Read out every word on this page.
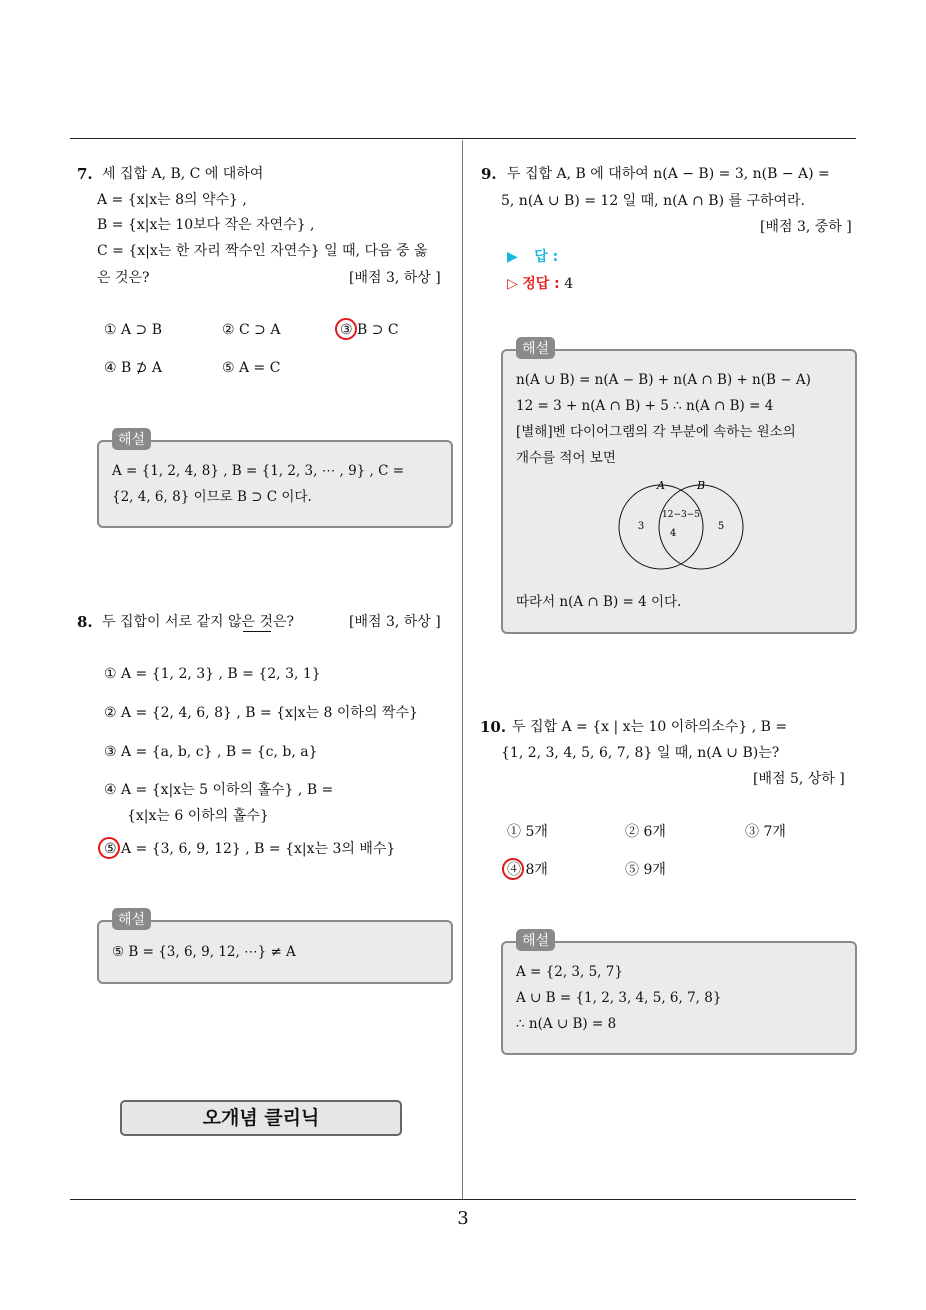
7. 세 집합 A, B, C 에 대하여
A = {x|x는 8의 약수} ,
B = {x|x는 10보다 작은 자연수} ,
C = {x|x는 한 자리 짝수인 자연수} 일 때, 다음 중 옳
은 것은?	[배점 3, 하상 ]
① A ⊃ B	② C ⊃ A	③ B ⊃ C
④ B ⊅ A	⑤ A = C
A = {1, 2, 4, 8} , B = {1, 2, 3, ⋯ , 9} , C =
{2, 4, 6, 8} 이므로 B ⊃ C 이다.
해설
8. 두 집합이 서로 같지 않은 것은?	[배점 3, 하상 ]
① A = {1, 2, 3} , B = {2, 3, 1}
② A = {2, 4, 6, 8} , B = {x|x는 8 이하의 짝수}
③ A = {a, b, c} , B = {c, b, a}
④ A = {x|x는 5 이하의 홀수} , B =
{x|x는 6 이하의 홀수}
⑤ A = {3, 6, 9, 12} , B = {x|x는 3의 배수}
⑤ B = {3, 6, 9, 12, ⋯} ≠ A
해설
오개념 클리닉
9. 두 집합 A, B 에 대하여 n(A − B) = 3, n(B − A) =
5, n(A ∪ B) = 12 일 때, n(A ∩ B) 를 구하여라.
[배점 3, 중하 ]
▶ 답 :
▷ 정답 : 4
n(A ∪ B) = n(A − B) + n(A ∩ B) + n(B − A)
12 = 3 + n(A ∩ B) + 5 ∴ n(A ∩ B) = 4
[별해]벤 다이어그램의 각 부분에 속하는 원소의
개수를 적어 보면
A	B
3
12−3−5
4
5
따라서 n(A ∩ B) = 4 이다.
해설
10. 두 집합 A = {x | x는 10 이하의소수} , B =
{1, 2, 3, 4, 5, 6, 7, 8} 일 때, n(A ∪ B)는?
[배점 5, 상하 ]
① 5개	② 6개	③ 7개
④ 8개	⑤ 9개
A = {2, 3, 5, 7}
A ∪ B = {1, 2, 3, 4, 5, 6, 7, 8}
∴ n(A ∪ B) = 8
해설
3
